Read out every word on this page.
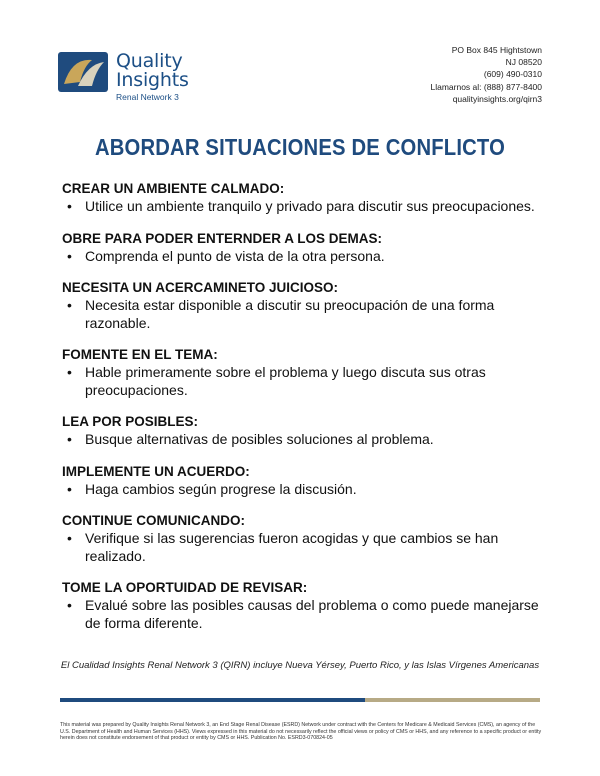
Quality
Insights
Renal Network 3
PO Box 845 Hightstown
NJ 08520
(609) 490-0310
Llamarnos al: (888) 877-8400
qualityinsights.org/qirn3
ABORDAR SITUACIONES DE CONFLICTO
CREAR UN AMBIENTE CALMADO:
• Utilice un ambiente tranquilo y privado para discutir sus preocupaciones.
OBRE PARA PODER ENTERNDER A LOS DEMAS:
• Comprenda el punto de vista de la otra persona.
NECESITA UN ACERCAMINETO JUICIOSO:
• Necesita estar disponible a discutir su preocupación de una forma razonable.
FOMENTE EN EL TEMA:
• Hable primeramente sobre el problema y luego discuta sus otras preocupaciones.
LEA POR POSIBLES:
• Busque alternativas de posibles soluciones al problema.
IMPLEMENTE UN ACUERDO:
• Haga cambios según progrese la discusión.
CONTINUE COMUNICANDO:
• Verifique si las sugerencias fueron acogidas y que cambios se han realizado.
TOME LA OPORTUIDAD DE REVISAR:
• Evalué sobre las posibles causas del problema o como puede manejarse de forma diferente.
El Cualidad Insights Renal Network 3 (QIRN) incluye Nueva Yérsey, Puerto Rico, y las Islas Vírgenes Americanas
This material was prepared by Quality Insights Renal Network 3, an End Stage Renal Disease (ESRD) Network under contract with the Centers for Medicare & Medicaid Services (CMS), an agency of the U.S. Department of Health and Human Services (HHS). Views expressed in this material do not necessarily reflect the official views or policy of CMS or HHS, and any reference to a specific product or entity herein does not constitute endorsement of that product or entity by CMS or HHS. Publication No. ESRD3-070824-05
